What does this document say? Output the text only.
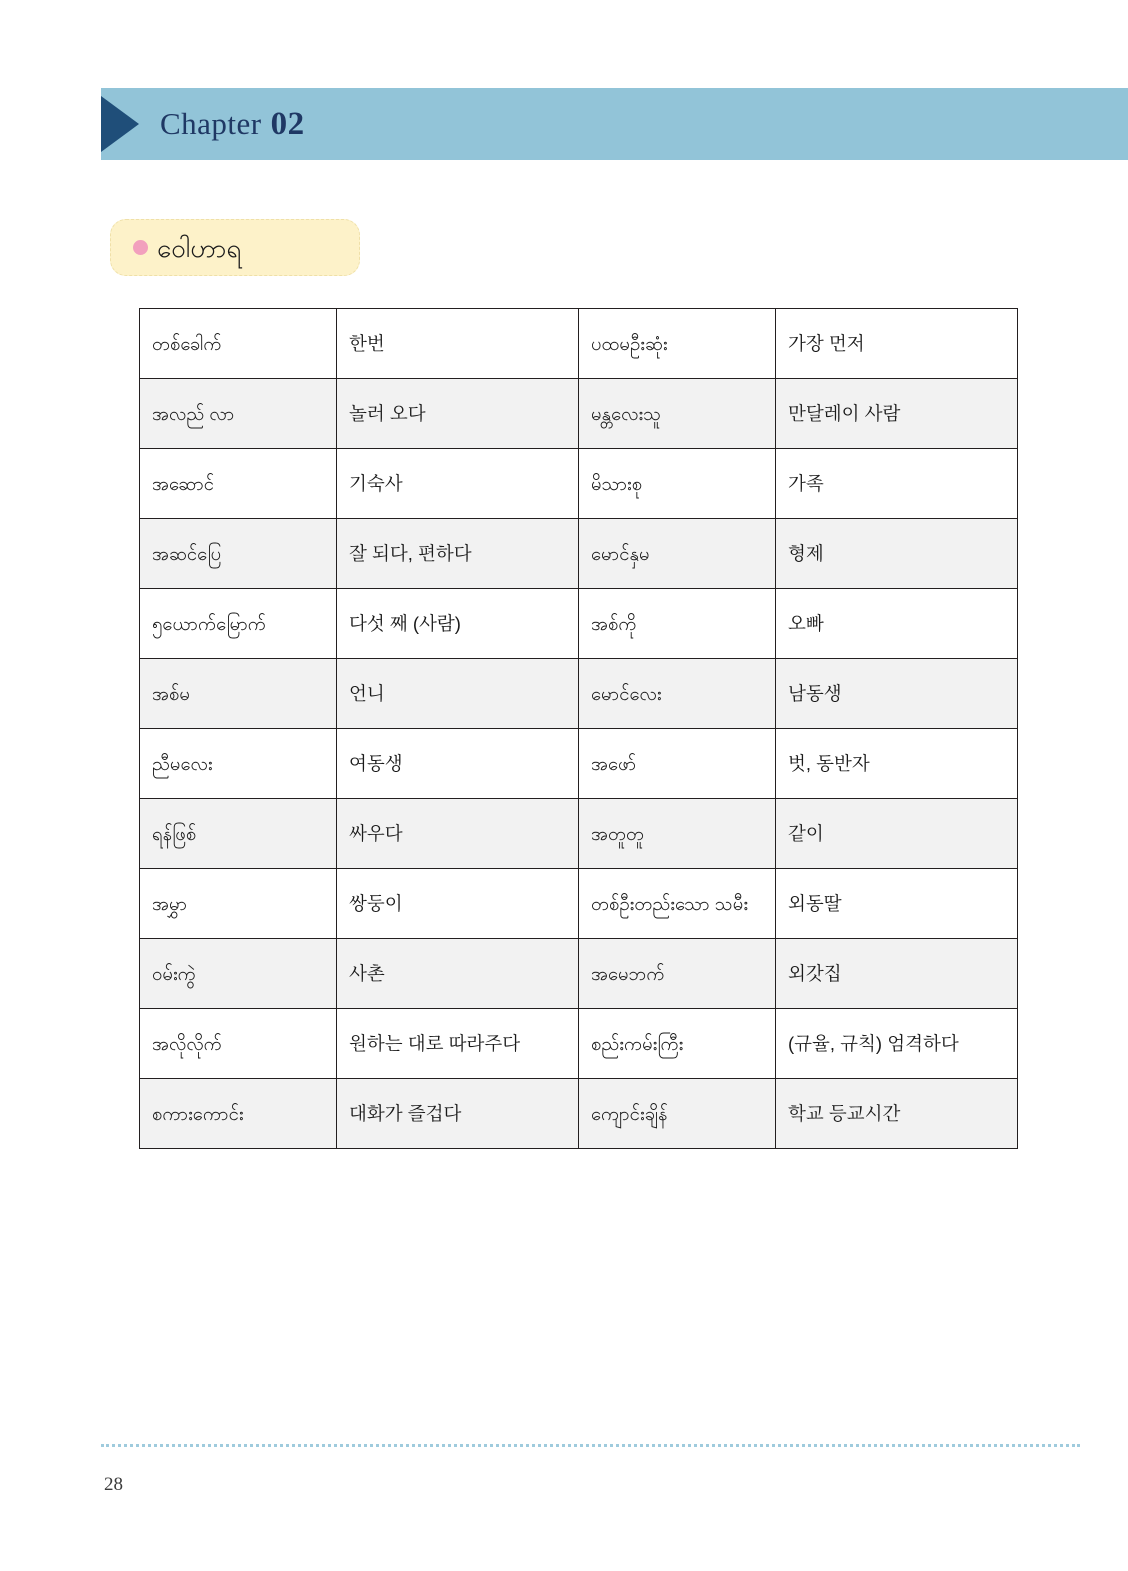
Chapter 02
ဝေါဟာရ
တစ်ခေါက်	한번	ပထမဦးဆုံး	가장 먼저
အလည် လာ	놀러 오다	မန္တလေးသူ	만달레이 사람
အဆောင်	기숙사	မိသားစု	가족
အဆင်ပြေ	잘 되다, 편하다	မောင်နှမ	형제
၅ယောက်မြောက်	다섯 째 (사람)	အစ်ကို	오빠
အစ်မ	언니	မောင်လေး	남동생
ညီမလေး	여동생	အဖော်	벗, 동반자
ရန်ဖြစ်	싸우다	အတူတူ	같이
အမွှာ	쌍둥이	တစ်ဦးတည်းသော သမီး	외동딸
ဝမ်းကွဲ	사촌	အမေဘက်	외갓집
အလိုလိုက်	원하는 대로 따라주다	စည်းကမ်းကြီး	(규율, 규칙) 엄격하다
စကားကောင်း	대화가 즐겁다	ကျောင်းချိန်	학교 등교시간
28
